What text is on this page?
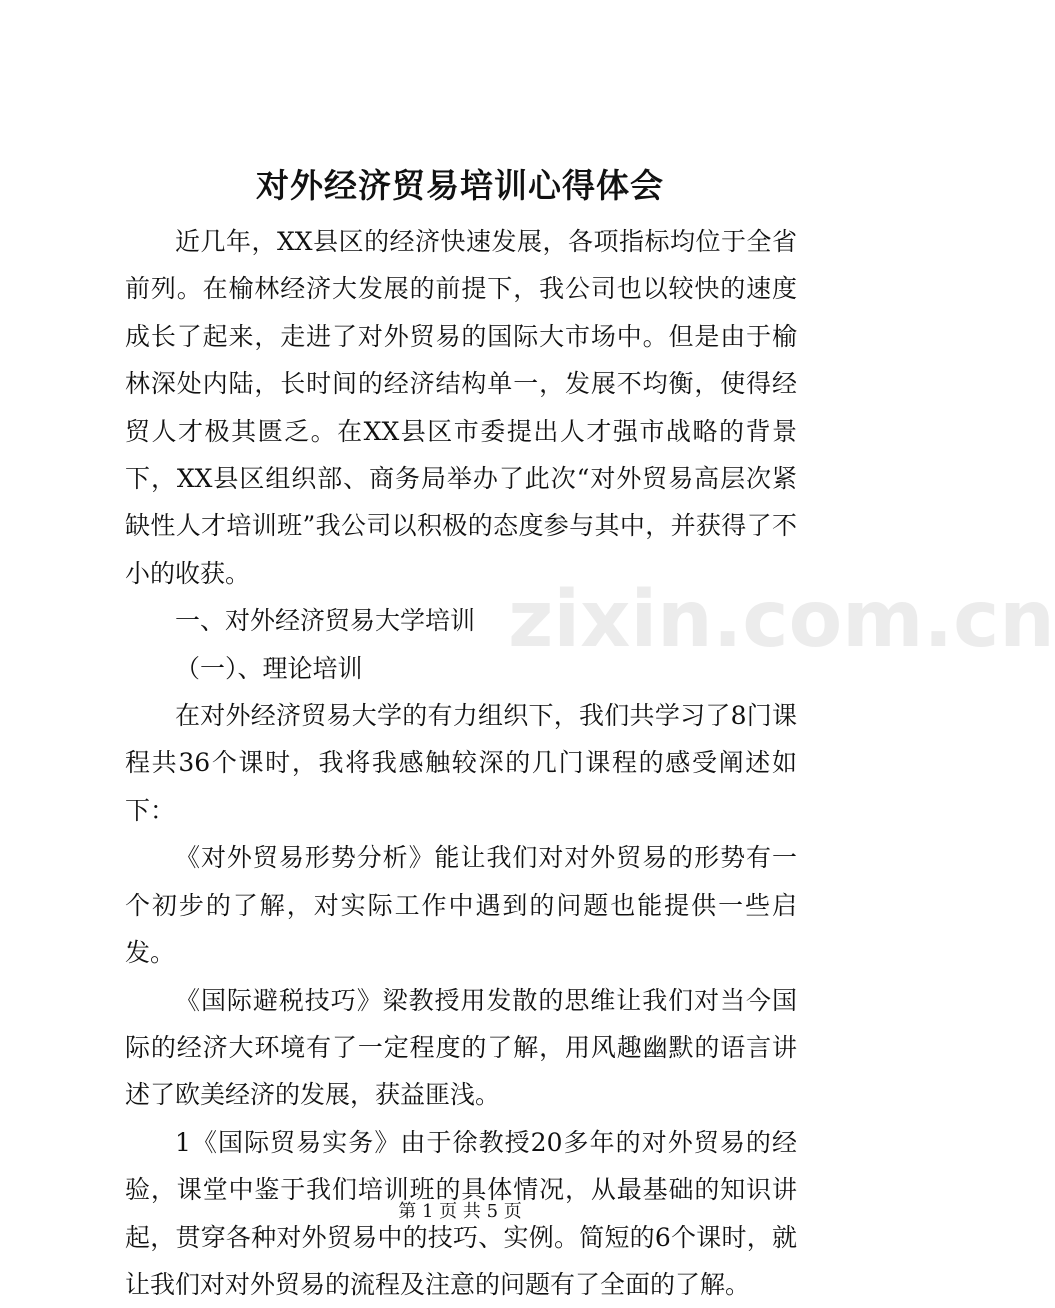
对外经济贸易培训心得体会

近几年，XX县区的经济快速发展，各项指标均位于全省前列。在榆林经济大发展的前提下，我公司也以较快的速度成长了起来，走进了对外贸易的国际大市场中。但是由于榆林深处内陆，长时间的经济结构单一，发展不均衡，使得经贸人才极其匮乏。在XX县区市委提出人才强市战略的背景下，XX县区组织部、商务局举办了此次“对外贸易高层次紧缺性人才培训班”我公司以积极的态度参与其中，并获得了不小的收获。

一、对外经济贸易大学培训

（一）、理论培训

在对外经济贸易大学的有力组织下，我们共学习了8门课程共36个课时，我将我感触较深的几门课程的感受阐述如下：

《对外贸易形势分析》能让我们对对外贸易的形势有一个初步的了解，对实际工作中遇到的问题也能提供一些启发。

《国际避税技巧》梁教授用发散的思维让我们对当今国际的经济大环境有了一定程度的了解，用风趣幽默的语言讲述了欧美经济的发展，获益匪浅。

1《国际贸易实务》由于徐教授20多年的对外贸易的经验，课堂中鉴于我们培训班的具体情况，从最基础的知识讲起，贯穿各种对外贸易中的技巧、实例。简短的6个课时，就让我们对对外贸易的流程及注意的问题有了全面的了解。

zixin.com.cn
第 1 页 共 5 页
